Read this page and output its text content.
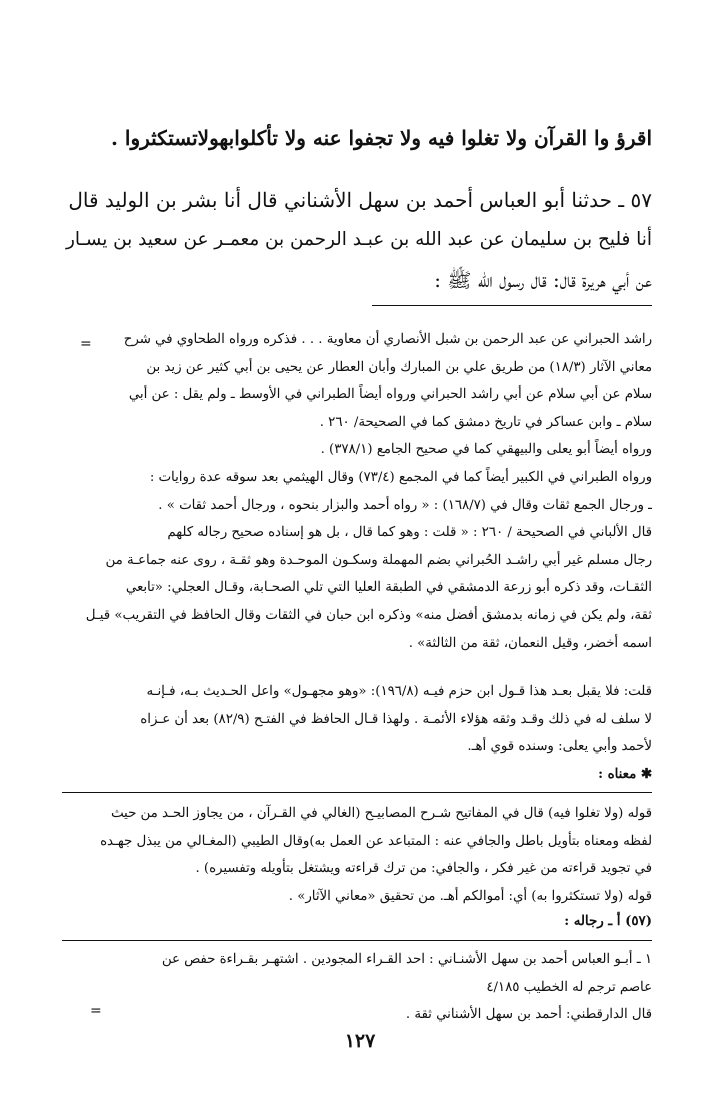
اقرؤ وا القرآن ولا تغلوا فيه ولا تجفوا عنه ولا تأكلوابهولاتستكثروا .
٥٧ ـ حدثنا أبو العباس أحمد بن سهل الأشناني قال أنا بشر بن الوليد قال
أنا فليح بن سليمان عن عبد الله بن عبـد الرحمن بن معمـر عن سعيد بن يسـار
عن أبي هريرة قال: قال رسول الله ﷺ :
=	راشد الحبراني عن عبد الرحمن بن شبل الأنصاري أن معاوية . . . فذكره ورواه الطحاوي في شرح
معاني الآثار (١٨/٣) من طريق علي بن المبارك وأبان العطار عن يحيى بن أبي كثير عن زيد بن
سلام عن أبي سلام عن أبي راشد الحبراني ورواه أيضاً الطبراني في الأوسط ـ ولم يقل : عن أبي
سلام ـ وابن عساكر في تاريخ دمشق كما في الصحيحة/ ٢٦٠ .
ورواه أيضاً أبو يعلى والبيهقي كما في صحيح الجامع (٣٧٨/١) .
ورواه الطبراني في الكبير أيضاً كما في المجمع (٧٣/٤) وقال الهيثمي بعد سوقه عدة روايات :
ـ ورجال الجمع ثقات وقال في (١٦٨/٧) : « رواه أحمد والبزار بنحوه ، ورجال أحمد ثقات » .
قال الألباني في الصحيحة / ٢٦٠ : « قلت : وهو كما قال ، بل هو إسناده صحيح رجاله كلهم
رجال مسلم غير أبي راشـد الحُبراني بضم المهملة وسكـون الموحـدة وهو ثقـة ، روى عنه جماعـة من
الثقـات، وقد ذكره أبو زرعة الدمشقي في الطبقة العليا التي تلي الصحـابة، وقـال العجلي: «تابعي
ثقة، ولم يكن في زمانه بدمشق أفضل منه» وذكره ابن حبان في الثقات وقال الحافظ في التقريب» قيـل
اسمه أخضر، وقيل النعمان، ثقة من الثالثة» .
قلت: فلا يقبل بعـد هذا قـول ابن حزم فيـه (١٩٦/٨): «وهو مجهـول» واعل الحـديث بـه، فـإنـه
لا سلف له في ذلك وقـد وثقه هؤلاء الأئمـة . ولهذا قـال الحافظ في الفتـح (٨٢/٩) بعد أن عـزاه
لأحمد وأبي يعلى: وسنده قوي أهـ.
✱ معناه :
قوله (ولا تغلوا فيه) قال في المفاتيح شـرح المصابيـح (الغالي في القـرآن ، من يجاوز الحـد من حيث
لفظه ومعناه بتأويل باطل والجافي عنه : المتباعد عن العمل به)وقال الطيبي (المغـالي من يبذل جهـده
في تجويد قراءته من غير فكر ، والجافي: من ترك قراءته ويشتغل بتأويله وتفسيره) .
قوله (ولا تستكثروا به) أي: أموالكم أهـ. من تحقيق «معاني الآثار» .
(٥٧) أ ـ رجاله :
١ ـ أبـو العباس أحمد بن سهل الأشنـاني : احد القـراء المجودين . اشتهـر بقـراءة حفص عن
عاصم ترجم له الخطيب ٤/١٨٥
قال الدارقطني: أحمد بن سهل الأشناني ثقة .
=
١٢٧
